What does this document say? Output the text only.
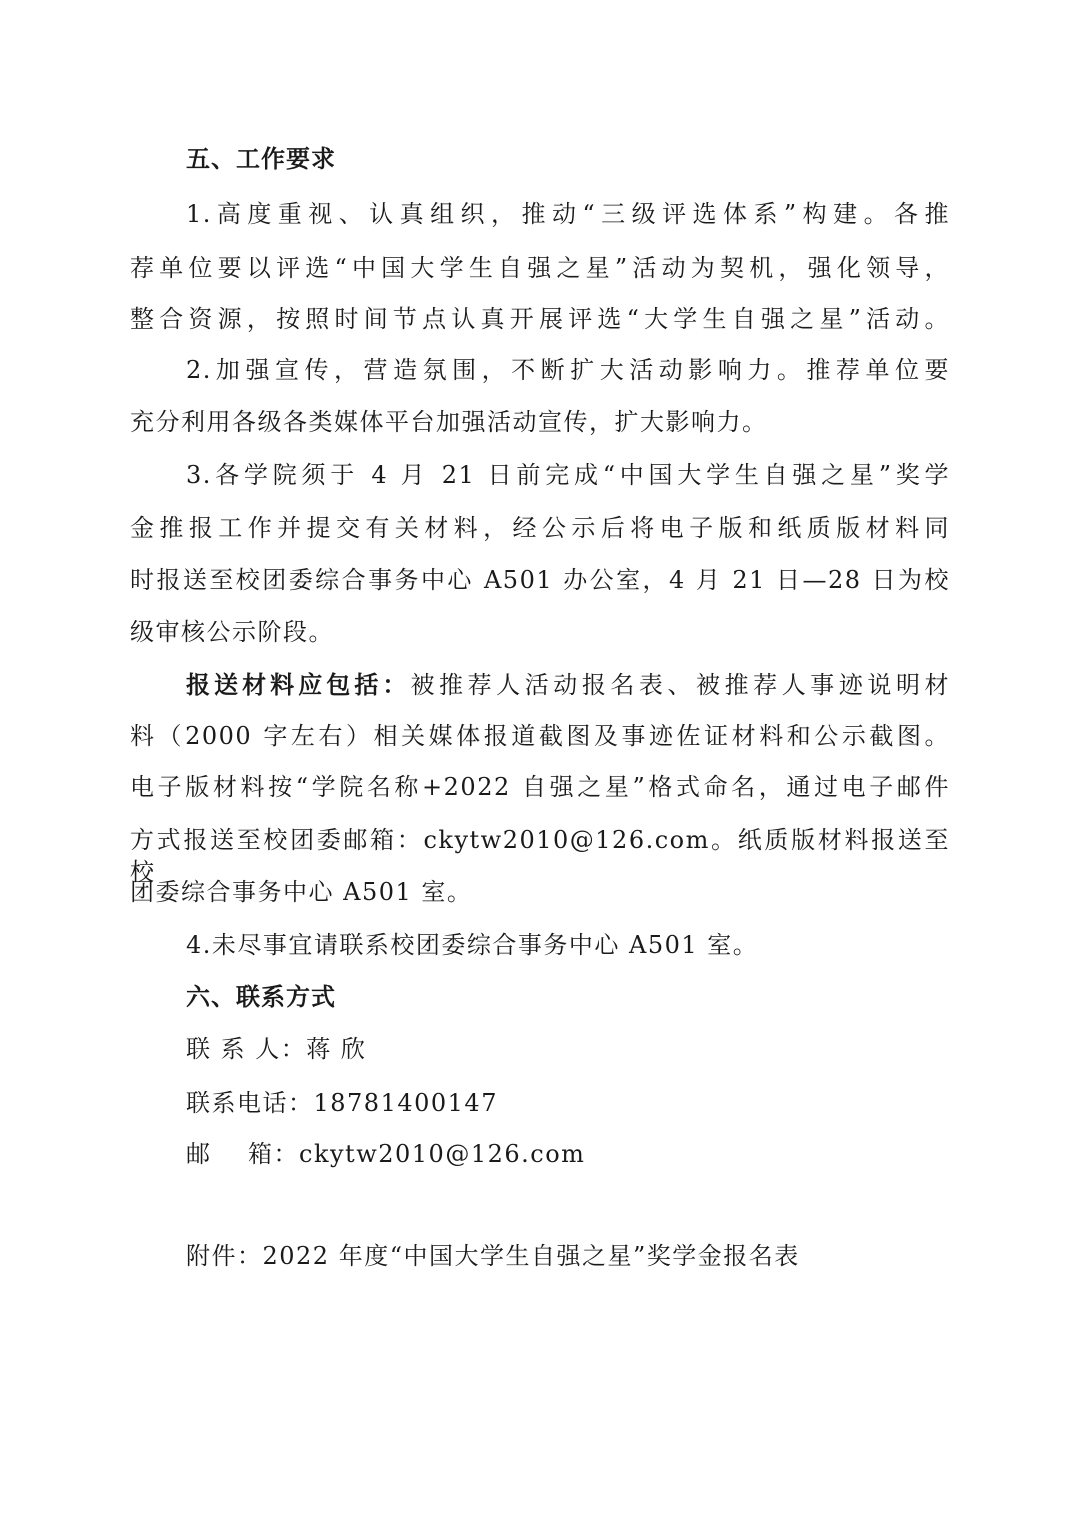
五、工作要求
1.高度重视、认真组织，推动“三级评选体系”构建。各推
荐单位要以评选“中国大学生自强之星”活动为契机，强化领导，
整合资源，按照时间节点认真开展评选“大学生自强之星”活动。
2.加强宣传，营造氛围，不断扩大活动影响力。推荐单位要
充分利用各级各类媒体平台加强活动宣传，扩大影响力。
3.各学院须于 4 月 21 日前完成“中国大学生自强之星”奖学
金推报工作并提交有关材料，经公示后将电子版和纸质版材料同
时报送至校团委综合事务中心 A501 办公室，4 月 21 日—28 日为校
级审核公示阶段。
报送材料应包括：被推荐人活动报名表、被推荐人事迹说明材
料（2000 字左右）相关媒体报道截图及事迹佐证材料和公示截图。
电子版材料按“学院名称+2022 自强之星”格式命名，通过电子邮件
方式报送至校团委邮箱：ckytw2010@126.com。纸质版材料报送至校
团委综合事务中心 A501 室。
4.未尽事宜请联系校团委综合事务中心 A501 室。
六、联系方式
联 系 人：蒋 欣
联系电话：18781400147
邮    箱：ckytw2010@126.com
附件：2022 年度“中国大学生自强之星”奖学金报名表
